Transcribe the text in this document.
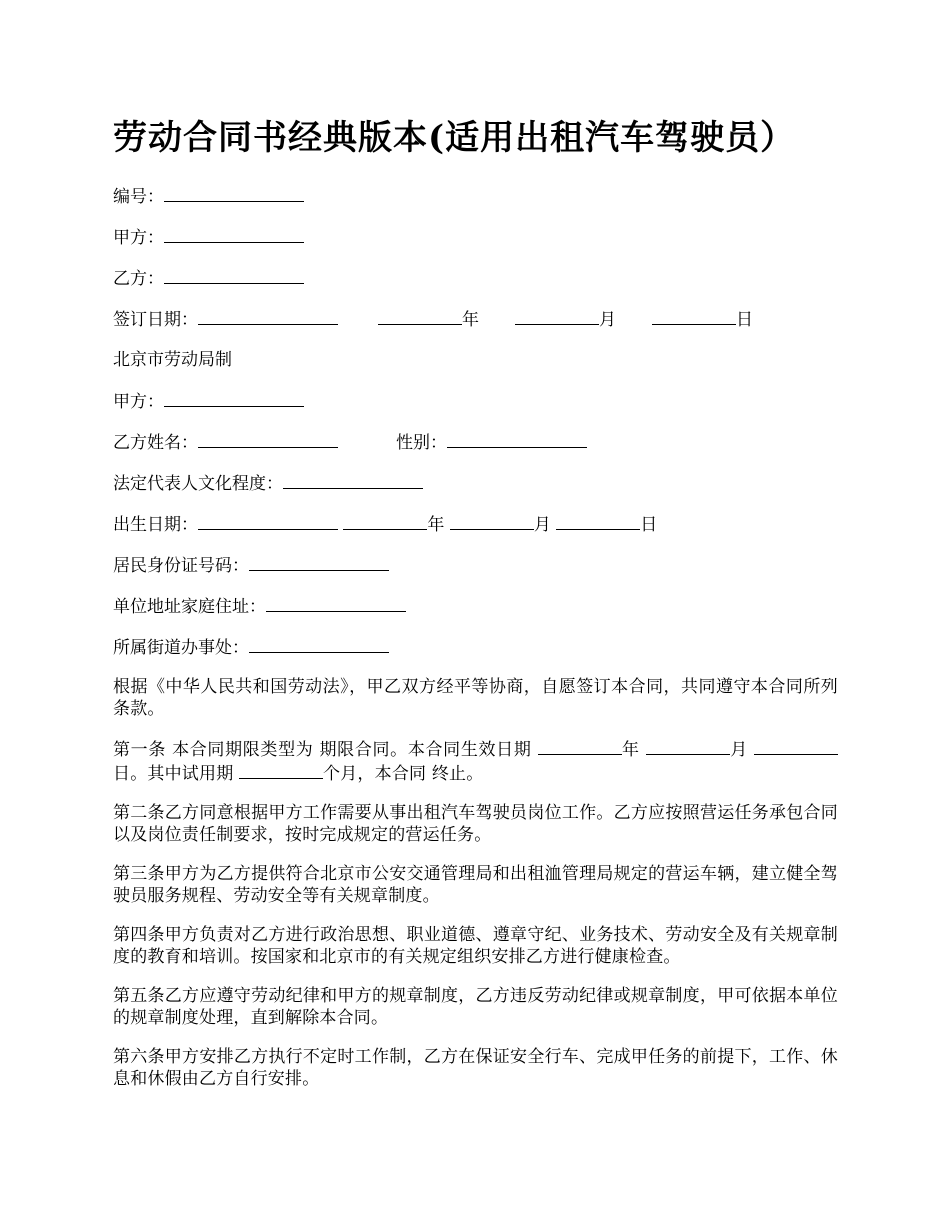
劳动合同书经典版本(适用出租汽车驾驶员）
编号：
甲方：
乙方：
签订日期：	年	月	日
北京市劳动局制
甲方：
乙方姓名：	性别：
法定代表人文化程度：
出生日期：	年	月	日
居民身份证号码：
单位地址家庭住址：
所属街道办事处：

根据《中华人民共和国劳动法》，甲乙双方经平等协商，自愿签订本合同，共同遵守本合同所列条款。

第一条 本合同期限类型为 期限合同。本合同生效日期	年	月 日。其中试用期	个月，本合同 终止。

第二条乙方同意根据甲方工作需要从事出租汽车驾驶员岗位工作。乙方应按照营运任务承包合同以及岗位责任制要求，按时完成规定的营运任务。

第三条甲方为乙方提供符合北京市公安交通管理局和出租洫管理局规定的营运车辆，建立健全驾驶员服务规程、劳动安全等有关规章制度。

第四条甲方负责对乙方进行政治思想、职业道德、遵章守纪、业务技术、劳动安全及有关规章制度的教育和培训。按国家和北京市的有关规定组织安排乙方进行健康检查。

第五条乙方应遵守劳动纪律和甲方的规章制度，乙方违反劳动纪律或规章制度，甲可依据本单位的规章制度处理，直到解除本合同。

第六条甲方安排乙方执行不定时工作制，乙方在保证安全行车、完成甲任务的前提下，工作、休息和休假由乙方自行安排。
